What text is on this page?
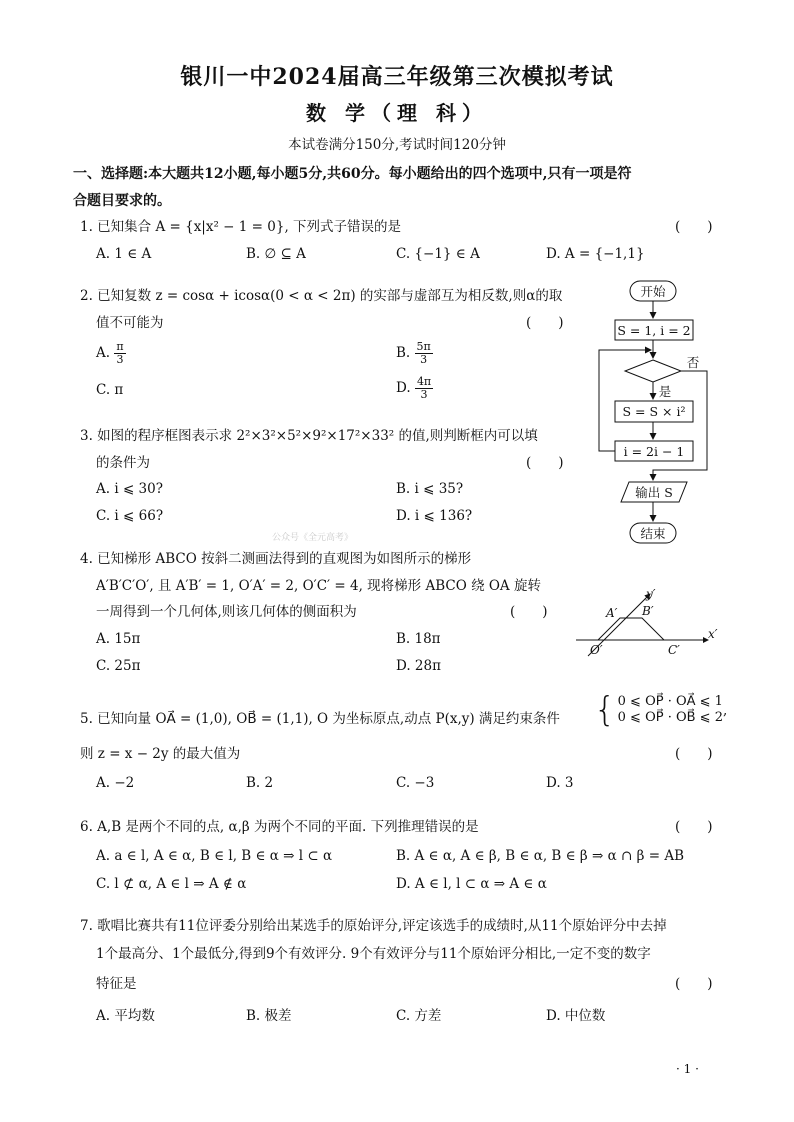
银川一中2024届高三年级第三次模拟考试
数 学（理 科）
本试卷满分150分,考试时间120分钟
一、选择题:本大题共12小题,每小题5分,共60分。每小题给出的四个选项中,只有一项是符
合题目要求的。
1. 已知集合 A = {x|x² − 1 = 0}, 下列式子错误的是	(　　)
A. 1 ∈ A	B. ∅ ⊆ A	C. {−1} ∈ A	D. A = {−1,1}
2. 已知复数 z = cosα + icosα(0 < α < 2π) 的实部与虚部互为相反数,则α的取
值不可能为	(　　)
A. $\frac{\pi}{3}$	B. $\frac{5\pi}{3}$
C. π	D. $\frac{4\pi}{3}$
3. 如图的程序框图表示求 2²×3²×5²×9²×17²×33² 的值,则判断框内可以填
的条件为	(　　)
A. i ⩽ 30?	B. i ⩽ 35?
C. i ⩽ 66?	D. i ⩽ 136?
公众号《全元高考》
开始
S = 1, i = 2
否
是
S = S × i²
i = 2i − 1
输出 S
结束
4. 已知梯形 ABCO 按斜二测画法得到的直观图为如图所示的梯形
A′B′C′O′, 且 A′B′ = 1, O′A′ = 2, O′C′ = 4, 现将梯形 ABCO 绕 OA 旋转
一周得到一个几何体,则该几何体的侧面积为	(　　)
A. 15π	B. 18π
C. 25π	D. 28π
y′
x′
A′ B′
O′	C′
5. 已知向量 OA⃗ = (1,0), OB⃗ = (1,1), O 为坐标原点,动点 P(x,y) 满足约束条件 { 0 ⩽ OP⃗ · OA⃗ ⩽ 1
0 ⩽ OP⃗ · OB⃗ ⩽ 2 ,
则 z = x − 2y 的最大值为	(　　)
A. −2	B. 2	C. −3	D. 3
6. A,B 是两个不同的点, α,β 为两个不同的平面. 下列推理错误的是	(　　)
A. a ∈ l, A ∈ α, B ∈ l, B ∈ α ⇒ l ⊂ α	B. A ∈ α, A ∈ β, B ∈ α, B ∈ β ⇒ α ∩ β = AB
C. l ⊄ α, A ∈ l ⇒ A ∉ α	D. A ∈ l, l ⊂ α ⇒ A ∈ α
7. 歌唱比赛共有11位评委分别给出某选手的原始评分,评定该选手的成绩时,从11个原始评分中去掉
1个最高分、1个最低分,得到9个有效评分. 9个有效评分与11个原始评分相比,一定不变的数字
特征是	(　　)
A. 平均数	B. 极差	C. 方差	D. 中位数
· 1 ·
